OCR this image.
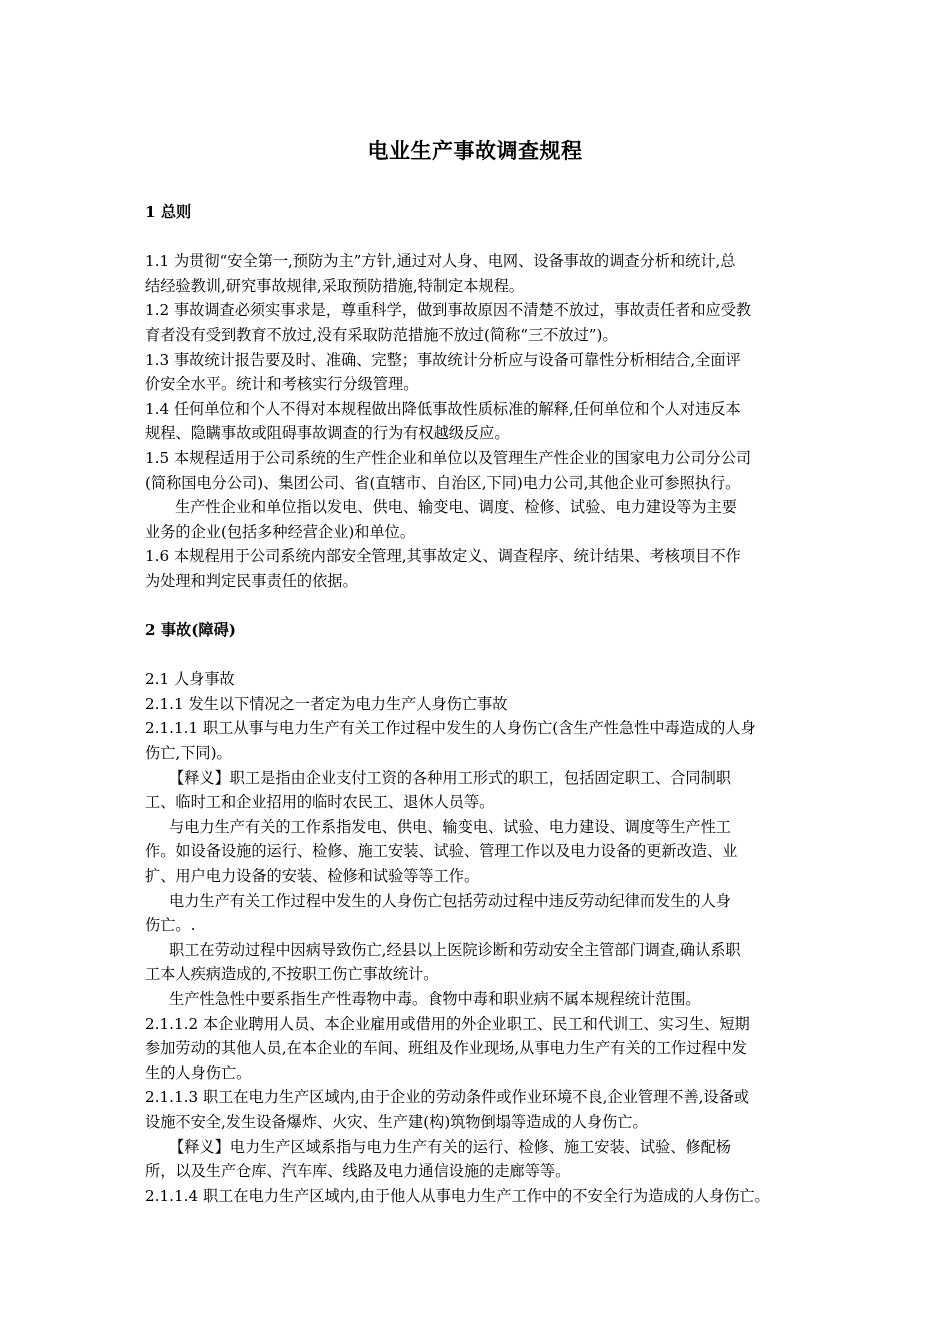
电业生产事故调查规程

1 总则

1.1 为贯彻“安全第一,预防为主”方针,通过对人身、电网、设备事故的调查分析和统计,总

结经验教训,研究事故规律,采取预防措施,特制定本规程。

1.2 事故调查必须实事求是，尊重科学，做到事故原因不清楚不放过，事故责任者和应受教

育者没有受到教育不放过,没有采取防范措施不放过(简称“三不放过”)。

1.3 事故统计报告要及时、准确、完整；事故统计分析应与设备可靠性分析相结合,全面评

价安全水平。统计和考核实行分级管理。

1.4 任何单位和个人不得对本规程做出降低事故性质标准的解释,任何单位和个人对违反本

规程、隐瞒事故或阻碍事故调查的行为有权越级反应。

1.5 本规程适用于公司系统的生产性企业和单位以及管理生产性企业的国家电力公司分公司

(简称国电分公司)、集团公司、省(直辖市、自治区,下同)电力公司,其他企业可参照执行。

生产性企业和单位指以发电、供电、输变电、调度、检修、试验、电力建设等为主要

业务的企业(包括多种经营企业)和单位。

1.6 本规程用于公司系统内部安全管理,其事故定义、调查程序、统计结果、考核项目不作

为处理和判定民事责任的依据。

2 事故(障碍)

2.1 人身事故

2.1.1 发生以下情况之一者定为电力生产人身伤亡事故

2.1.1.1 职工从事与电力生产有关工作过程中发生的人身伤亡(含生产性急性中毒造成的人身

伤亡,下同)。

【释义】职工是指由企业支付工资的各种用工形式的职工，包括固定职工、合同制职

工、临时工和企业招用的临时农民工、退休人员等。

与电力生产有关的工作系指发电、供电、输变电、试验、电力建设、调度等生产性工

作。如设备设施的运行、检修、施工安装、试验、管理工作以及电力设备的更新改造、业

扩、用户电力设备的安装、检修和试验等等工作。

电力生产有关工作过程中发生的人身伤亡包括劳动过程中违反劳动纪律而发生的人身

伤亡。.

职工在劳动过程中因病导致伤亡,经县以上医院诊断和劳动安全主管部门调查,确认系职

工本人疾病造成的,不按职工伤亡事故统计。

生产性急性中要系指生产性毒物中毒。食物中毒和职业病不属本规程统计范围。

2.1.1.2 本企业聘用人员、本企业雇用或借用的外企业职工、民工和代训工、实习生、短期

参加劳动的其他人员,在本企业的车间、班组及作业现场,从事电力生产有关的工作过程中发

生的人身伤亡。

2.1.1.3 职工在电力生产区域内,由于企业的劳动条件或作业环境不良,企业管理不善,设备或

设施不安全,发生设备爆炸、火灾、生产建(构)筑物倒塌等造成的人身伤亡。

【释义】电力生产区域系指与电力生产有关的运行、检修、施工安装、试验、修配杨

所，以及生产仓库、汽车库、线路及电力通信设施的走廊等等。

2.1.1.4 职工在电力生产区域内,由于他人从事电力生产工作中的不安全行为造成的人身伤亡。
